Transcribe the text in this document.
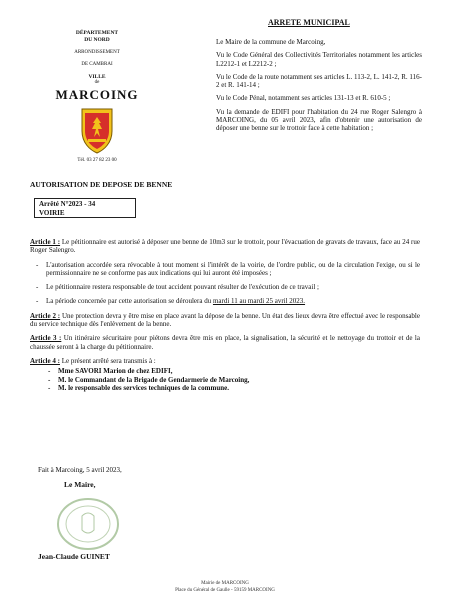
DÉPARTEMENT
DU NORD
ARRONDISSEMENT
DE CAMBRAI
VILLE
de
MARCOING
Tél. 03 27 82 23 00
ARRETE MUNICIPAL

Le Maire de la commune de Marcoing,

Vu le Code Général des Collectivités Territoriales notamment les articles L2212-1 et L2212-2 ;

Vu le Code de la route notamment ses articles L. 113-2, L. 141-2, R. 116-2 et R. 141-14 ;

Vu le Code Pénal, notamment ses articles 131-13 et R. 610-5 ;

Vu la demande de EDIFI pour l'habitation du 24 rue Roger Salengro à MARCOING, du 05 avril 2023, afin d'obtenir une autorisation de déposer une benne sur le trottoir face à cette habitation ;

AUTORISATION DE DEPOSE DE BENNE
Arrêté N°2023 - 34
VOIRIE

Article 1 : Le pétitionnaire est autorisé à déposer une benne de 10m3 sur le trottoir, pour l'évacuation de gravats de travaux, face au 24 rue Roger Salengro.

- L'autorisation accordée sera révocable à tout moment si l'intérêt de la voirie, de l'ordre public, ou de la circulation l'exige, ou si le permissionnaire ne se conforme pas aux indications qui lui auront été imposées ;

- Le pétitionnaire restera responsable de tout accident pouvant résulter de l'exécution de ce travail ;

- La période concernée par cette autorisation se déroulera du mardi 11 au mardi 25 avril 2023.

Article 2 : Une protection devra y être mise en place avant la dépose de la benne. Un état des lieux devra être effectué avec le responsable du service technique dès l'enlèvement de la benne.

Article 3 : Un itinéraire sécuritaire pour piétons devra être mis en place, la signalisation, la sécurité et le nettoyage du trottoir et de la chaussée seront à la charge du pétitionnaire.

Article 4 : Le présent arrêté sera transmis à :

- Mme SAVORI Marion de chez EDIFI,
- M. le Commandant de la Brigade de Gendarmerie de Marcoing,
- M. le responsable des services techniques de la commune.
Fait à Marcoing, 5 avril 2023,
Le Maire,
Jean-Claude GUINET
Mairie de MARCOING
Place du Général de Gaulle - 59159 MARCOING
